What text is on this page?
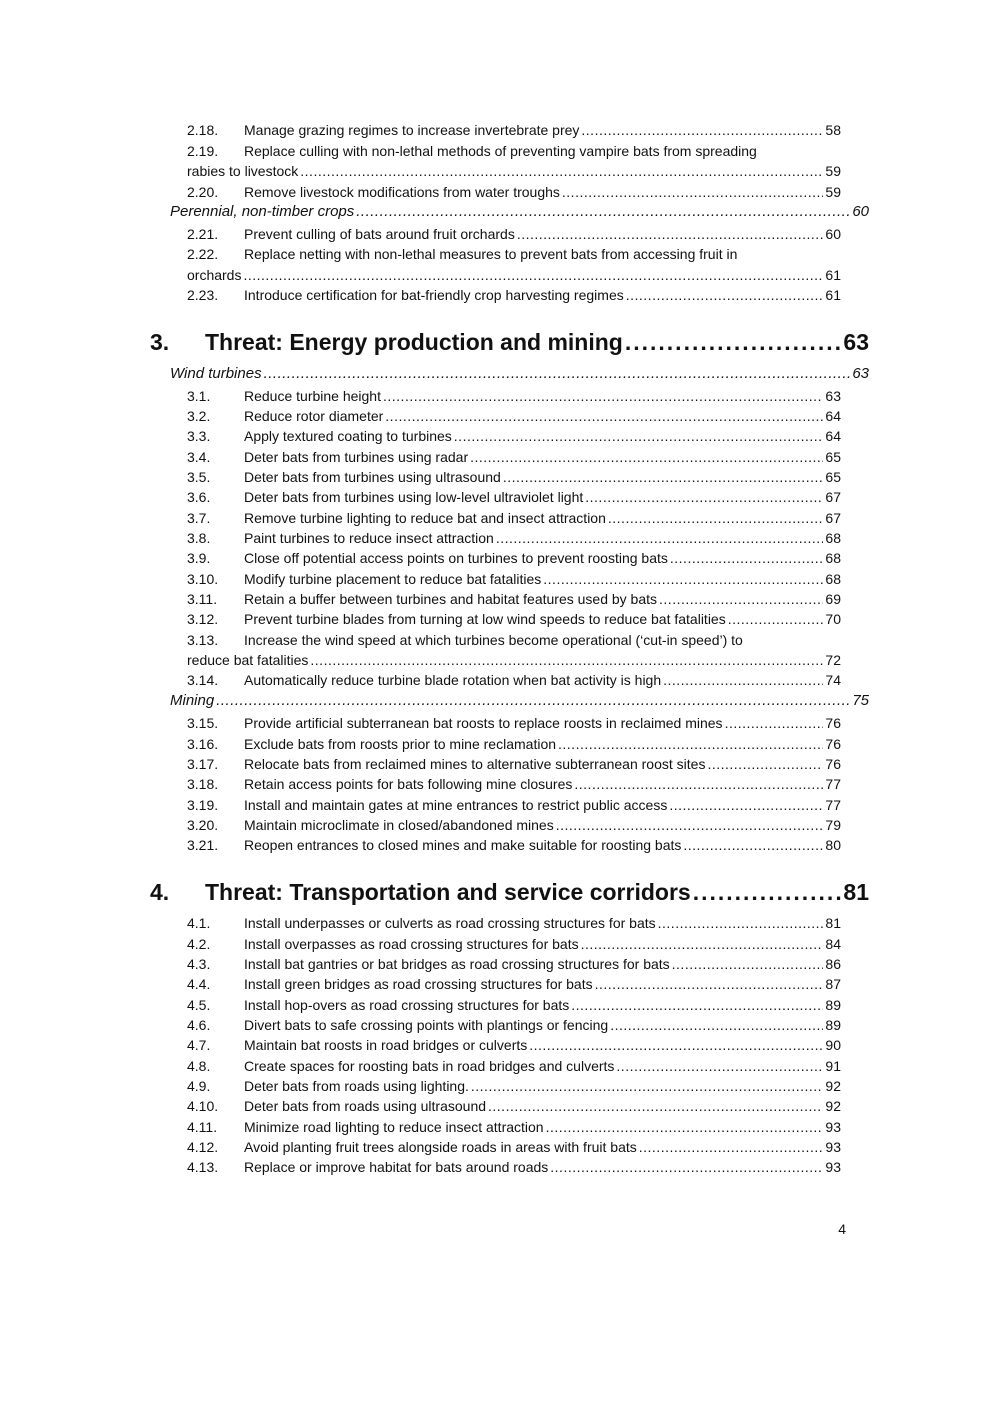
2.18.	Manage grazing regimes to increase invertebrate prey .....	58
2.19.	Replace culling with non-lethal methods of preventing vampire bats from spreading
rabies to livestock .....	59
2.20.	Remove livestock modifications from water troughs .....	59
Perennial, non-timber crops .....	60
2.21.	Prevent culling of bats around fruit orchards .....	60
2.22.	Replace netting with non-lethal measures to prevent bats from accessing fruit in
orchards .....	61
2.23.	Introduce certification for bat-friendly crop harvesting regimes .....	61
3.	Threat: Energy production and mining .....	63
Wind turbines .....	63
3.1.	Reduce turbine height .....	63
3.2.	Reduce rotor diameter .....	64
3.3.	Apply textured coating to turbines .....	64
3.4.	Deter bats from turbines using radar .....	65
3.5.	Deter bats from turbines using ultrasound .....	65
3.6.	Deter bats from turbines using low-level ultraviolet light .....	67
3.7.	Remove turbine lighting to reduce bat and insect attraction .....	67
3.8.	Paint turbines to reduce insect attraction .....	68
3.9.	Close off potential access points on turbines to prevent roosting bats .....	68
3.10.	Modify turbine placement to reduce bat fatalities .....	68
3.11.	Retain a buffer between turbines and habitat features used by bats .....	69
3.12.	Prevent turbine blades from turning at low wind speeds to reduce bat fatalities .....	70
3.13.	Increase the wind speed at which turbines become operational (‘cut-in speed’) to
reduce bat fatalities .....	72
3.14.	Automatically reduce turbine blade rotation when bat activity is high .....	74
Mining .....	75
3.15.	Provide artificial subterranean bat roosts to replace roosts in reclaimed mines .....	76
3.16.	Exclude bats from roosts prior to mine reclamation .....	76
3.17.	Relocate bats from reclaimed mines to alternative subterranean roost sites .....	76
3.18.	Retain access points for bats following mine closures .....	77
3.19.	Install and maintain gates at mine entrances to restrict public access .....	77
3.20.	Maintain microclimate in closed/abandoned mines .....	79
3.21.	Reopen entrances to closed mines and make suitable for roosting bats .....	80
4.	Threat: Transportation and service corridors .....	81
4.1.	Install underpasses or culverts as road crossing structures for bats .....	81
4.2.	Install overpasses as road crossing structures for bats .....	84
4.3.	Install bat gantries or bat bridges as road crossing structures for bats .....	86
4.4.	Install green bridges as road crossing structures for bats .....	87
4.5.	Install hop-overs as road crossing structures for bats .....	89
4.6.	Divert bats to safe crossing points with plantings or fencing .....	89
4.7.	Maintain bat roosts in road bridges or culverts .....	90
4.8.	Create spaces for roosting bats in road bridges and culverts .....	91
4.9.	Deter bats from roads using lighting. .....	92
4.10.	Deter bats from roads using ultrasound .....	92
4.11.	Minimize road lighting to reduce insect attraction .....	93
4.12.	Avoid planting fruit trees alongside roads in areas with fruit bats .....	93
4.13.	Replace or improve habitat for bats around roads .....	93
4
